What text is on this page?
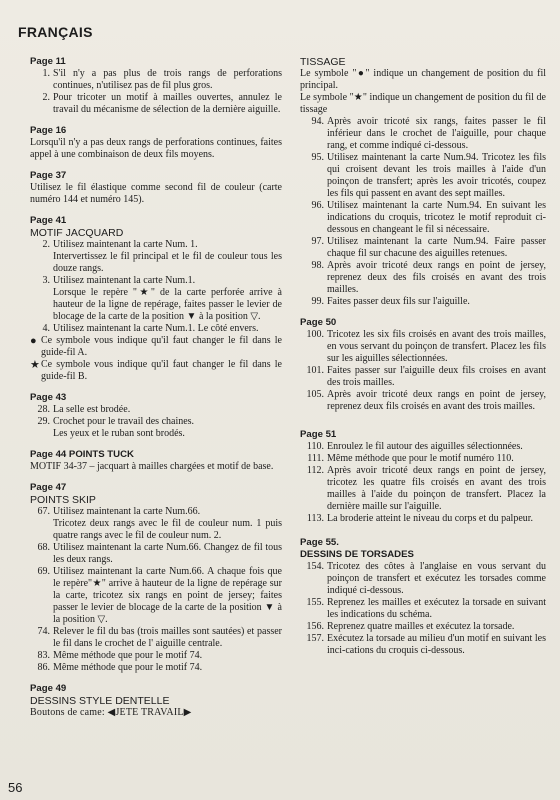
FRANÇAIS
Page 11
1. S'il n'y a pas plus de trois rangs de perforations continues, n'utilisez pas de fil plus gros.
2. Pour tricoter un motif à mailles ouvertes, annulez le travail du mécanisme de sélection de la dernière aiguille.
Page 16

Lorsqu'il n'y a pas deux rangs de perforations continues, faites appel à une combinaison de deux fils moyens.

Page 37

Utilisez le fil élastique comme second fil de couleur (carte numéro 144 et numéro 145).

Page 41
MOTIF JACQUARD
2. Utilisez maintenant la carte Num. 1.
Intervertissez le fil principal et le fil de couleur tous les douze rangs.
3. Utilisez maintenant la carte Num.1.
Lorsque le repère "★" de la carte perforée arrive à hauteur de la ligne de repérage, faites passer le levier de blocage de la carte de la position ▼ à la position ▽.
4. Utilisez maintenant la carte Num.1. Le côté envers.
● Ce symbole vous indique qu'il faut changer le fil dans le guide-fil A.
★ Ce symbole vous indique qu'il faut changer le fil dans le guide-fil B.
Page 43
28. La selle est brodée.
29. Crochet pour le travail des chaines.
Les yeux et le ruban sont brodés.
Page 44 POINTS TUCK

MOTIF 34-37 – jacquart à mailles chargées et motif de base.

Page 47
POINTS SKIP
67. Utilisez maintenant la carte Num.66.
Tricotez deux rangs avec le fil de couleur num. 1 puis quatre rangs avec le fil de couleur num. 2.
68. Utilisez maintenant la carte Num.66. Changez de fil tous les deux rangs.
69. Utilisez maintenant la carte Num.66. A chaque fois que le repère"★" arrive à hauteur de la ligne de repérage sur la carte, tricotez six rangs en point de jersey; faites passer le levier de blocage de la carte de la position ▼ à la position ▽.
74. Relever le fil du bas (trois mailles sont sautées) et passer le fil dans le crochet de l' aiguille centrale.
83. Même méthode que pour le motif 74.
86. Même méthode que pour le motif 74.
Page 49
DESSINS STYLE DENTELLE
Boutons de came: ◀JETE TRAVAIL▶
TISSAGE

Le symbole "●" indique un changement de position du fil principal.

Le symbole "★" indique un changement de position du fil de tissage

94. Après avoir tricoté six rangs, faites passer le fil inférieur dans le crochet de l'aiguille, pour chaque rang, et comme indiqué ci-dessous.
95. Utilisez maintenant la carte Num.94. Tricotez les fils qui croisent devant les trois mailles à l'aide d'un poinçon de transfert; après les avoir tricotés, coupez les fils qui passent en avant des sept mailles.
96. Utilisez maintenant la carte Num.94. En suivant les indications du croquis, tricotez le motif reproduit ci-dessous en changeant le fil si nécessaire.
97. Utilisez maintenant la carte Num.94. Faire passer chaque fil sur chacune des aiguilles retenues.
98. Après avoir tricoté deux rangs en point de jersey, reprenez deux des fils croisés en avant des trois mailles.
99. Faites passer deux fils sur l'aiguille.
Page 50
100. Tricotez les six fils croisés en avant des trois mailles, en vous servant du poinçon de transfert. Placez les fils sur les aiguilles sélectionnées.
101. Faites passer sur l'aiguille deux fils croises en avant des trois mailles.
105. Après avoir tricoté deux rangs en point de jersey, reprenez deux fils croisés en avant des trois mailles.
Page 51
110. Enroulez le fil autour des aiguilles sélectionnées.
111. Même méthode que pour le motif numéro 110.
112. Après avoir tricoté deux rangs en point de jersey, tricotez les quatre fils croisés en avant des trois mailles à l'aide du poinçon de transfert. Placez la dernière maille sur l'aiguille.
113. La broderie atteint le niveau du corps et du palpeur.
Page 55.
DESSINS DE TORSADES
154. Tricotez des côtes à l'anglaise en vous servant du poinçon de transfert et exécutez les torsades comme indiqué ci-dessous.
155. Reprenez les mailles et exécutez la torsade en suivant les indications du schéma.
156. Reprenez quatre mailles et exécutez la torsade.
157. Exécutez la torsade au milieu d'un motif en suivant les inci-cations du croquis ci-dessous.
56
